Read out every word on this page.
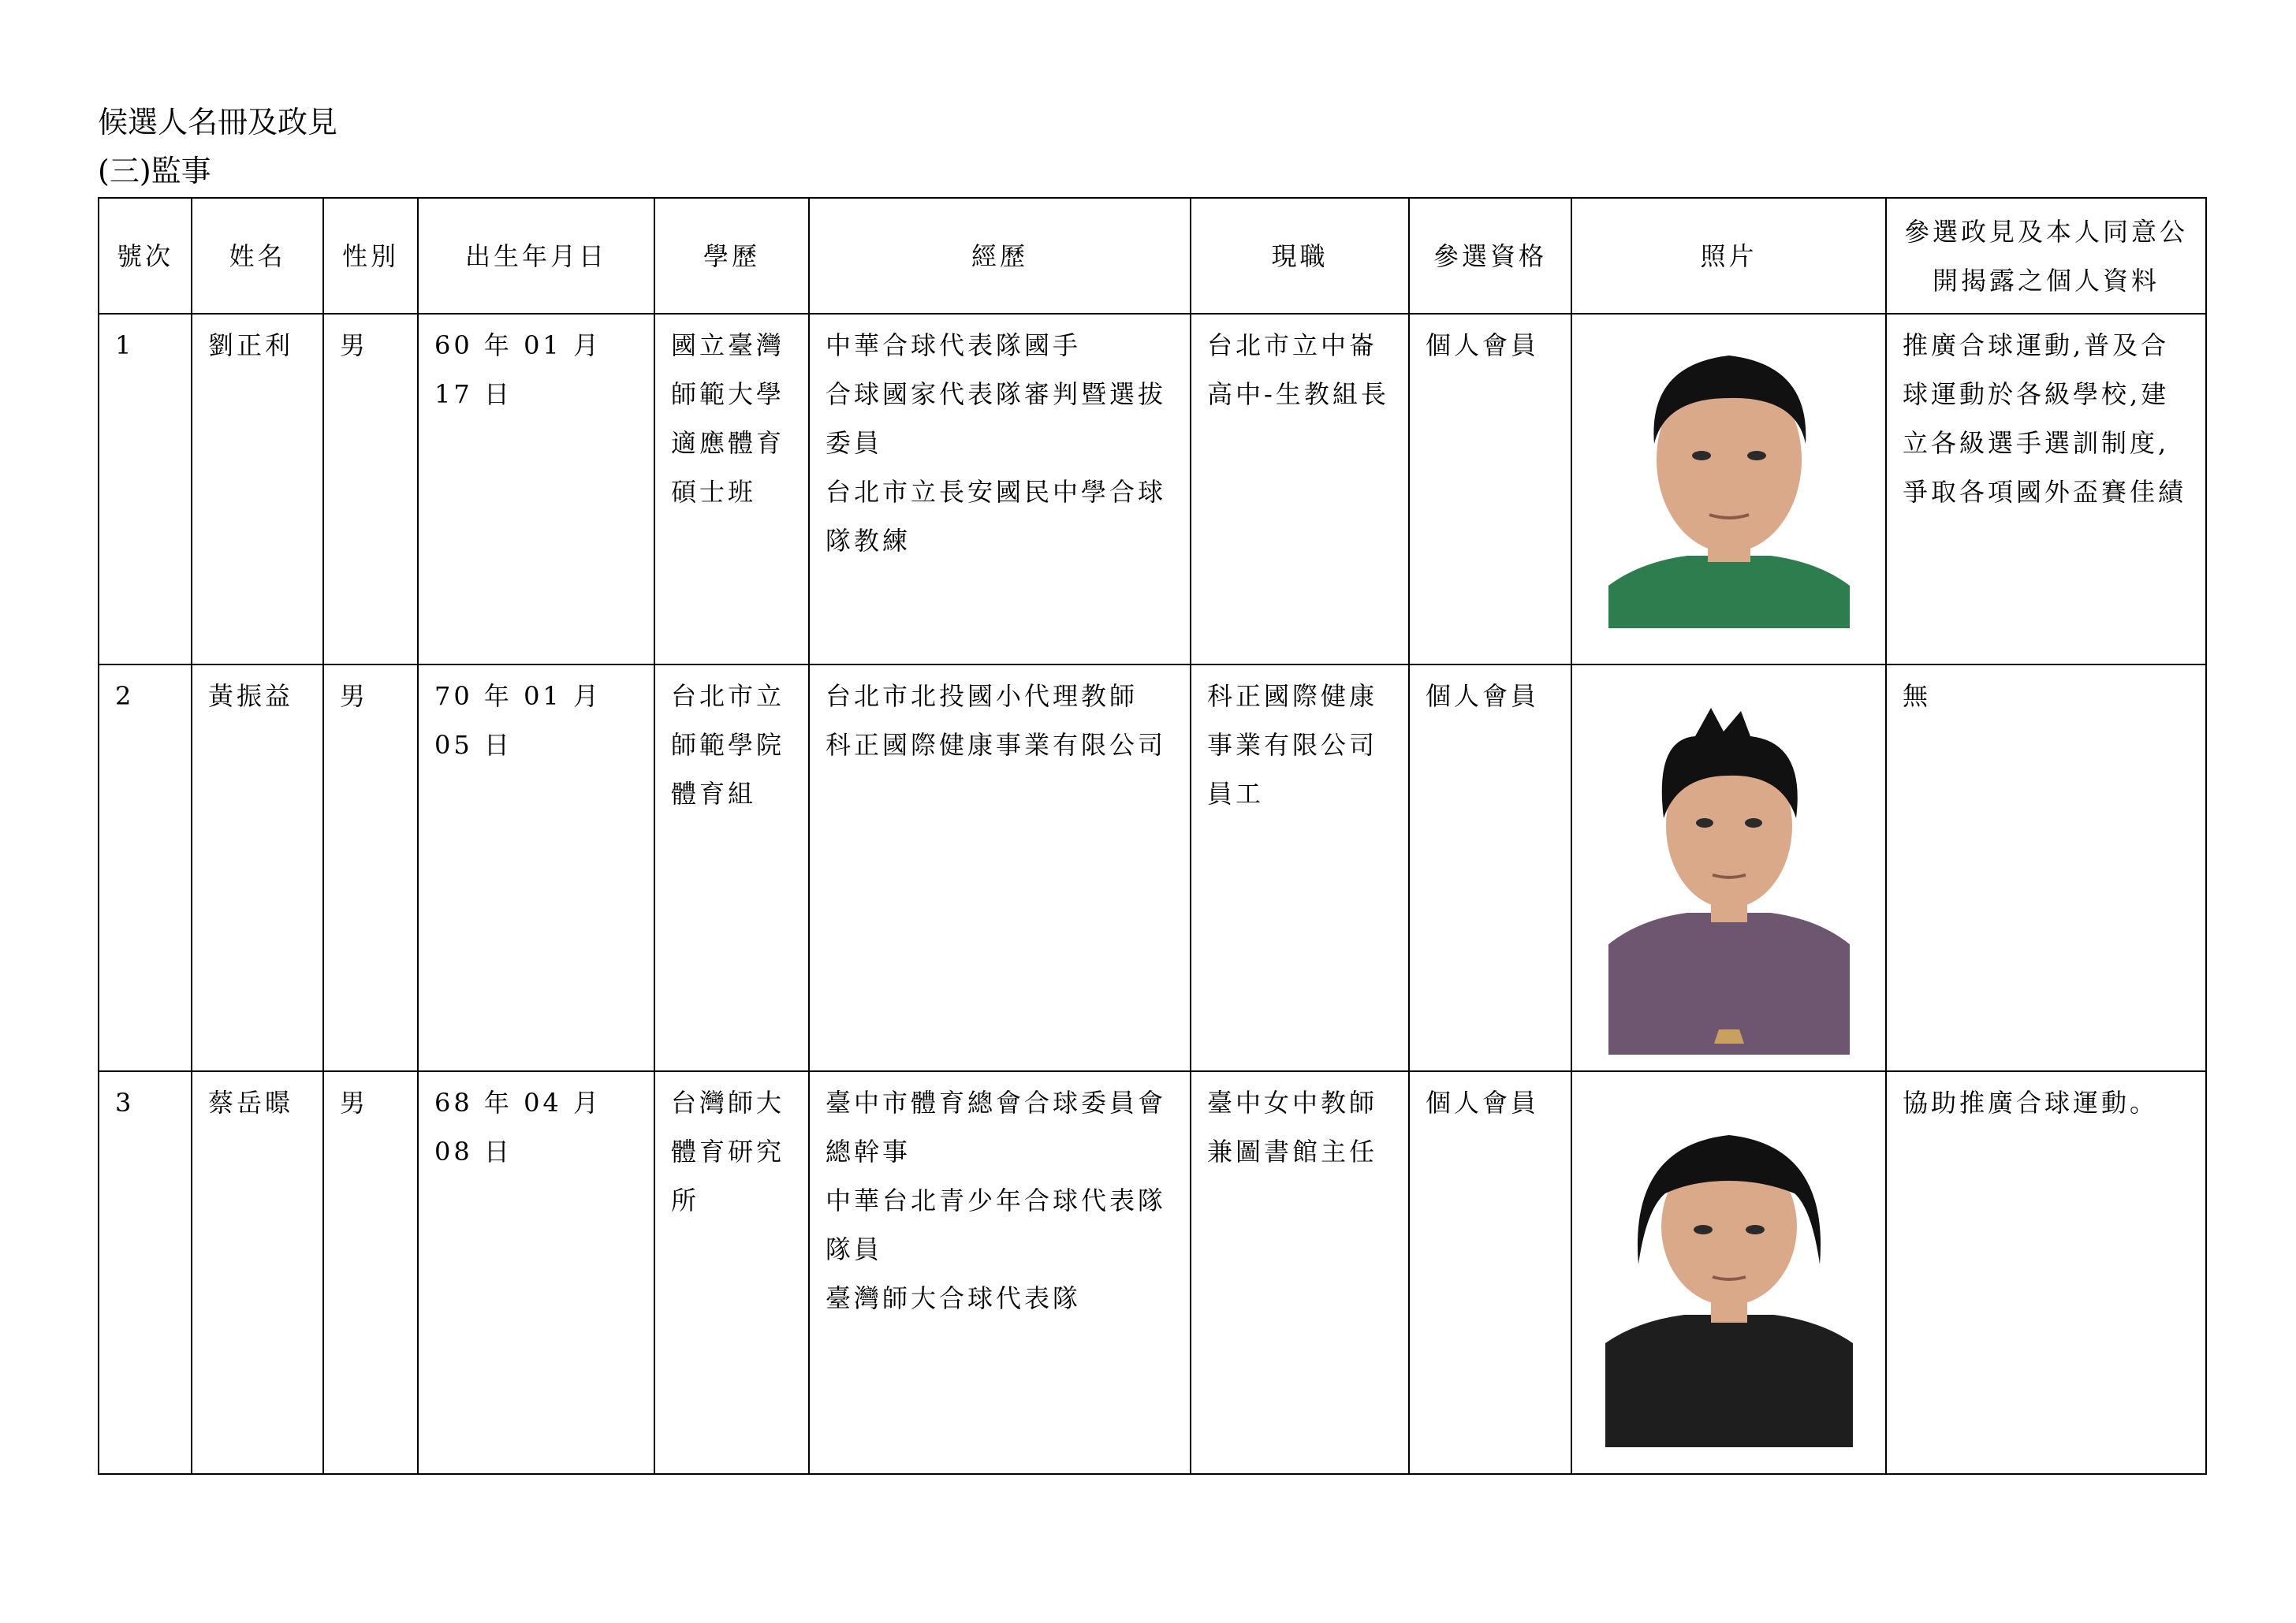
候選人名冊及政見
(三)監事
號次	姓名	性別	出生年月日	學歷	經歷	現職	參選資格	照片	參選政見及本人同意公開揭露之個人資料
1	劉正利	男	60 年 01 月 17 日	國立臺灣
師範大學
適應體育
碩士班	中華合球代表隊國手
合球國家代表隊審判暨選拔委員
台北市立長安國民中學合球隊教練	台北市立中崙
高中-生教組長	個人會員		推廣合球運動,普及合球運動於各級學校,建立各級選手選訓制度,爭取各項國外盃賽佳績
2	黃振益	男	70 年 01 月 05 日	台北市立
師範學院
體育組	台北市北投國小代理教師
科正國際健康事業有限公司	科正國際健康
事業有限公司
員工	個人會員		無
3	蔡岳暻	男	68 年 04 月 08 日	台灣師大
體育研究
所	臺中市體育總會合球委員會總幹事
中華台北青少年合球代表隊隊員
臺灣師大合球代表隊	臺中女中教師
兼圖書館主任	個人會員		協助推廣合球運動。
